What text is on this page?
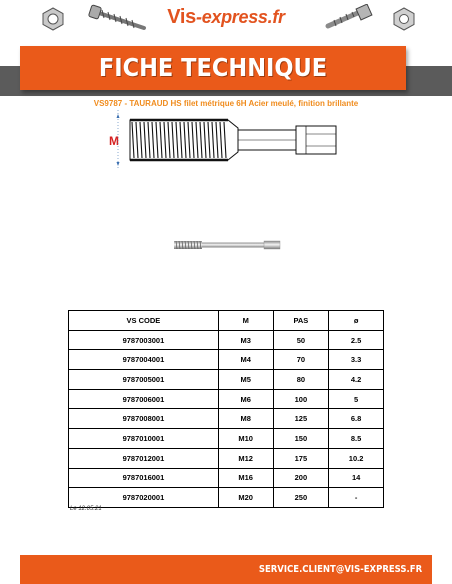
Vis-express.fr
FICHE TECHNIQUE
VS9787 - TAURAUD HS filet métrique 6H Acier meulé, finition brillante
M
VS CODE	M	PAS	ø
9787003001	M3	50	2.5
9787004001	M4	70	3.3
9787005001	M5	80	4.2
9787006001	M6	100	5
9787008001	M8	125	6.8
9787010001	M10	150	8.5
9787012001	M12	175	10.2
9787016001	M16	200	14
9787020001	M20	250	-
Le 12.05.21
SERVICE.CLIENT@VIS-EXPRESS.FR
